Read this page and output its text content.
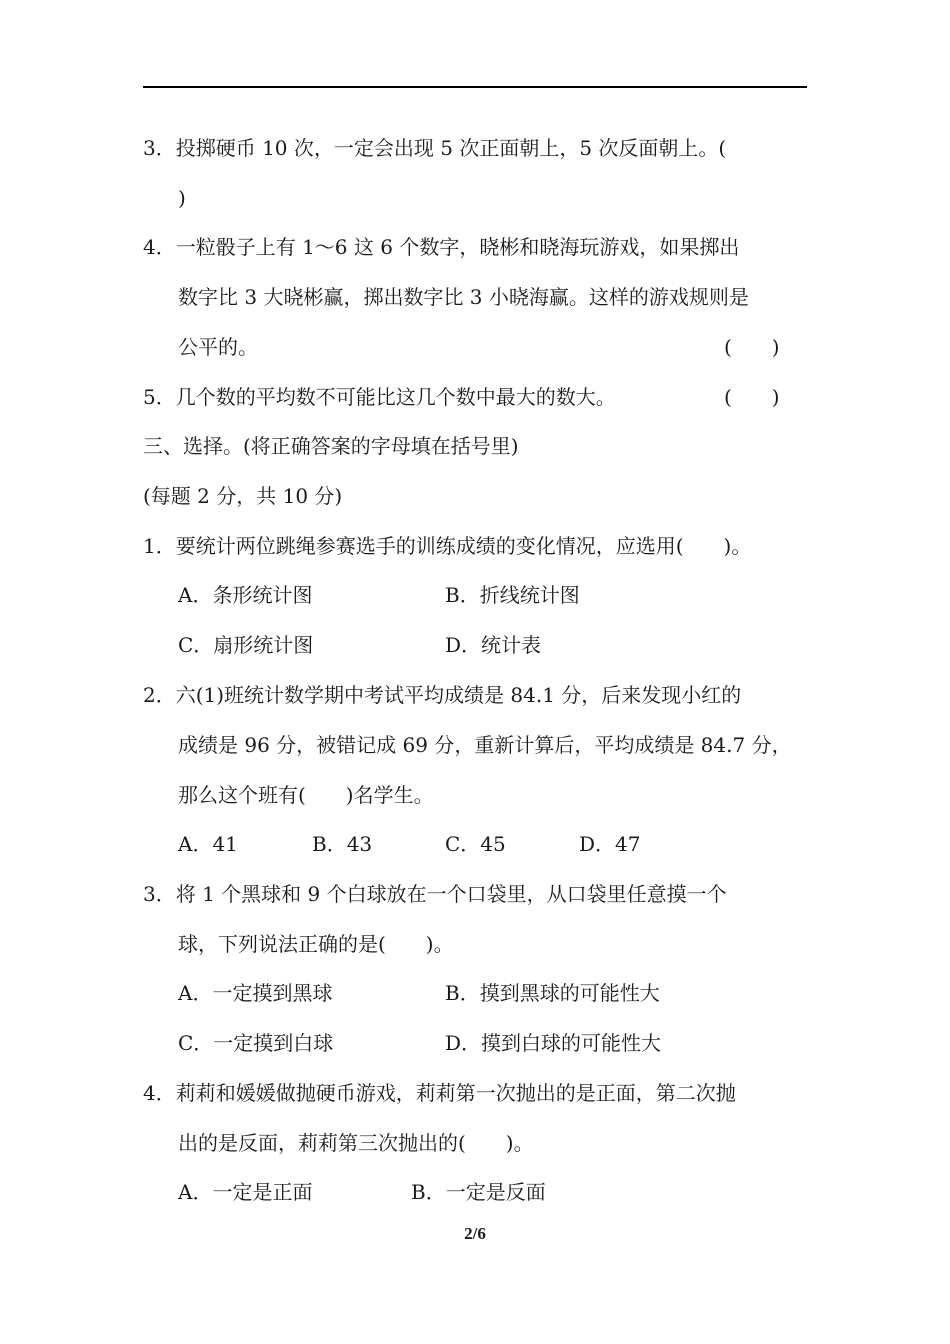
3．投掷硬币 10 次，一定会出现 5 次正面朝上，5 次反面朝上。(
)
4．一粒骰子上有 1～6 这 6 个数字，晓彬和晓海玩游戏，如果掷出
数字比 3 大晓彬赢，掷出数字比 3 小晓海赢。这样的游戏规则是
公平的。	(　　)
5．几个数的平均数不可能比这几个数中最大的数大。	(　　)
三、选择。(将正确答案的字母填在括号里)
(每题 2 分，共 10 分)
1．要统计两位跳绳参赛选手的训练成绩的变化情况，应选用(　　)。
A．条形统计图	B．折线统计图
C．扇形统计图	D．统计表
2．六(1)班统计数学期中考试平均成绩是 84.1 分，后来发现小红的
成绩是 96 分，被错记成 69 分，重新计算后，平均成绩是 84.7 分，
那么这个班有(　　)名学生。
A．41	B．43	C．45	D．47
3．将 1 个黑球和 9 个白球放在一个口袋里，从口袋里任意摸一个
球，下列说法正确的是(　　)。
A．一定摸到黑球	B．摸到黑球的可能性大
C．一定摸到白球	D．摸到白球的可能性大
4．莉莉和媛媛做抛硬币游戏，莉莉第一次抛出的是正面，第二次抛
出的是反面，莉莉第三次抛出的(　　)。
A．一定是正面	B．一定是反面
2/6
